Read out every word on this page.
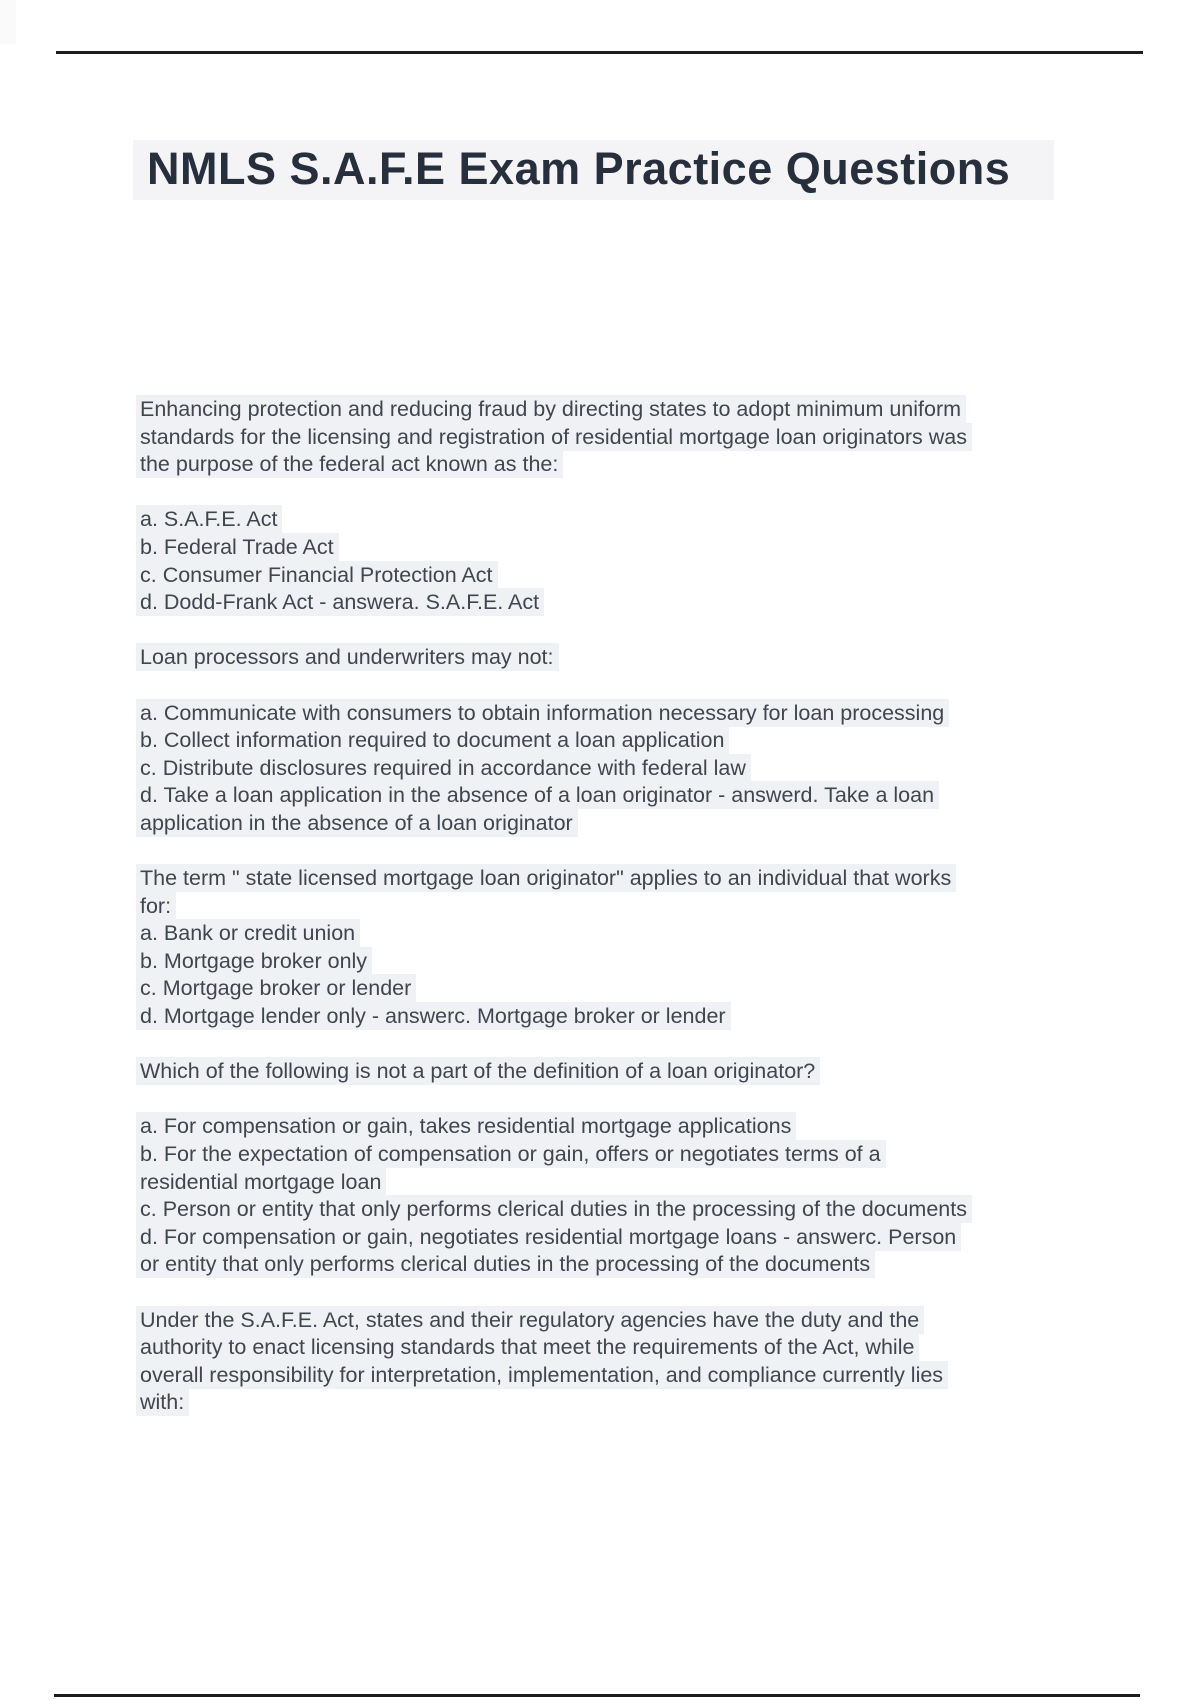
NMLS S.A.F.E Exam Practice Questions
Enhancing protection and reducing fraud by directing states to adopt minimum uniform
standards for the licensing and registration of residential mortgage loan originators was
the purpose of the federal act known as the:
a. S.A.F.E. Act
b. Federal Trade Act
c. Consumer Financial Protection Act
d. Dodd-Frank Act - answera. S.A.F.E. Act
Loan processors and underwriters may not:
a. Communicate with consumers to obtain information necessary for loan processing
b. Collect information required to document a loan application
c. Distribute disclosures required in accordance with federal law
d. Take a loan application in the absence of a loan originator - answerd. Take a loan
application in the absence of a loan originator
The term " state licensed mortgage loan originator" applies to an individual that works
for:
a. Bank or credit union
b. Mortgage broker only
c. Mortgage broker or lender
d. Mortgage lender only - answerc. Mortgage broker or lender
Which of the following is not a part of the definition of a loan originator?
a. For compensation or gain, takes residential mortgage applications
b. For the expectation of compensation or gain, offers or negotiates terms of a
residential mortgage loan
c. Person or entity that only performs clerical duties in the processing of the documents
d. For compensation or gain, negotiates residential mortgage loans - answerc. Person
or entity that only performs clerical duties in the processing of the documents
Under the S.A.F.E. Act, states and their regulatory agencies have the duty and the
authority to enact licensing standards that meet the requirements of the Act, while
overall responsibility for interpretation, implementation, and compliance currently lies
with:
